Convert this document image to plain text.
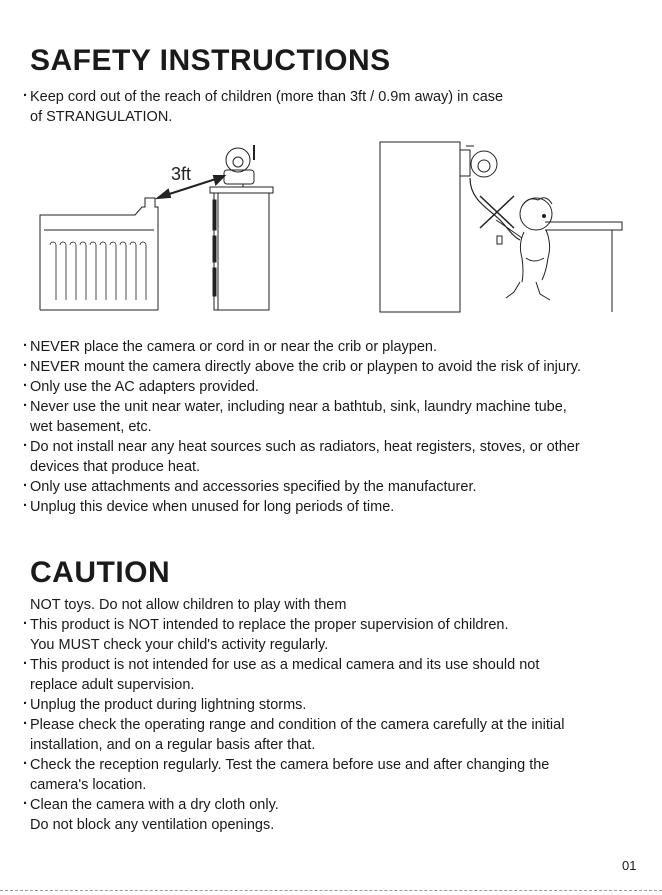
SAFETY INSTRUCTIONS
· Keep cord out of the reach of children (more than 3ft / 0.9m away) in case
of STRANGULATION.
3ft
· NEVER place the camera or cord in or near the crib or playpen.
· NEVER mount the camera directly above the crib or playpen to avoid the risk of injury.
· Only use the AC adapters provided.
· Never use the unit near water, including near a bathtub, sink, laundry machine tube,
wet basement, etc.
· Do not install near any heat sources such as radiators, heat registers, stoves, or other
devices that produce heat.
· Only use attachments and accessories specified by the manufacturer.
· Unplug this device when unused for long periods of time.
CAUTION
NOT toys. Do not allow children to play with them
· This product is NOT intended to replace the proper supervision of children.
You MUST check your child's activity regularly.
· This product is not intended for use as a medical camera and its use should not
replace adult supervision.
· Unplug the product during lightning storms.
· Please check the operating range and condition of the camera carefully at the initial
installation, and on a regular basis after that.
· Check the reception regularly. Test the camera before use and after changing the
camera's location.
· Clean the camera with a dry cloth only.
Do not block any ventilation openings.
01
